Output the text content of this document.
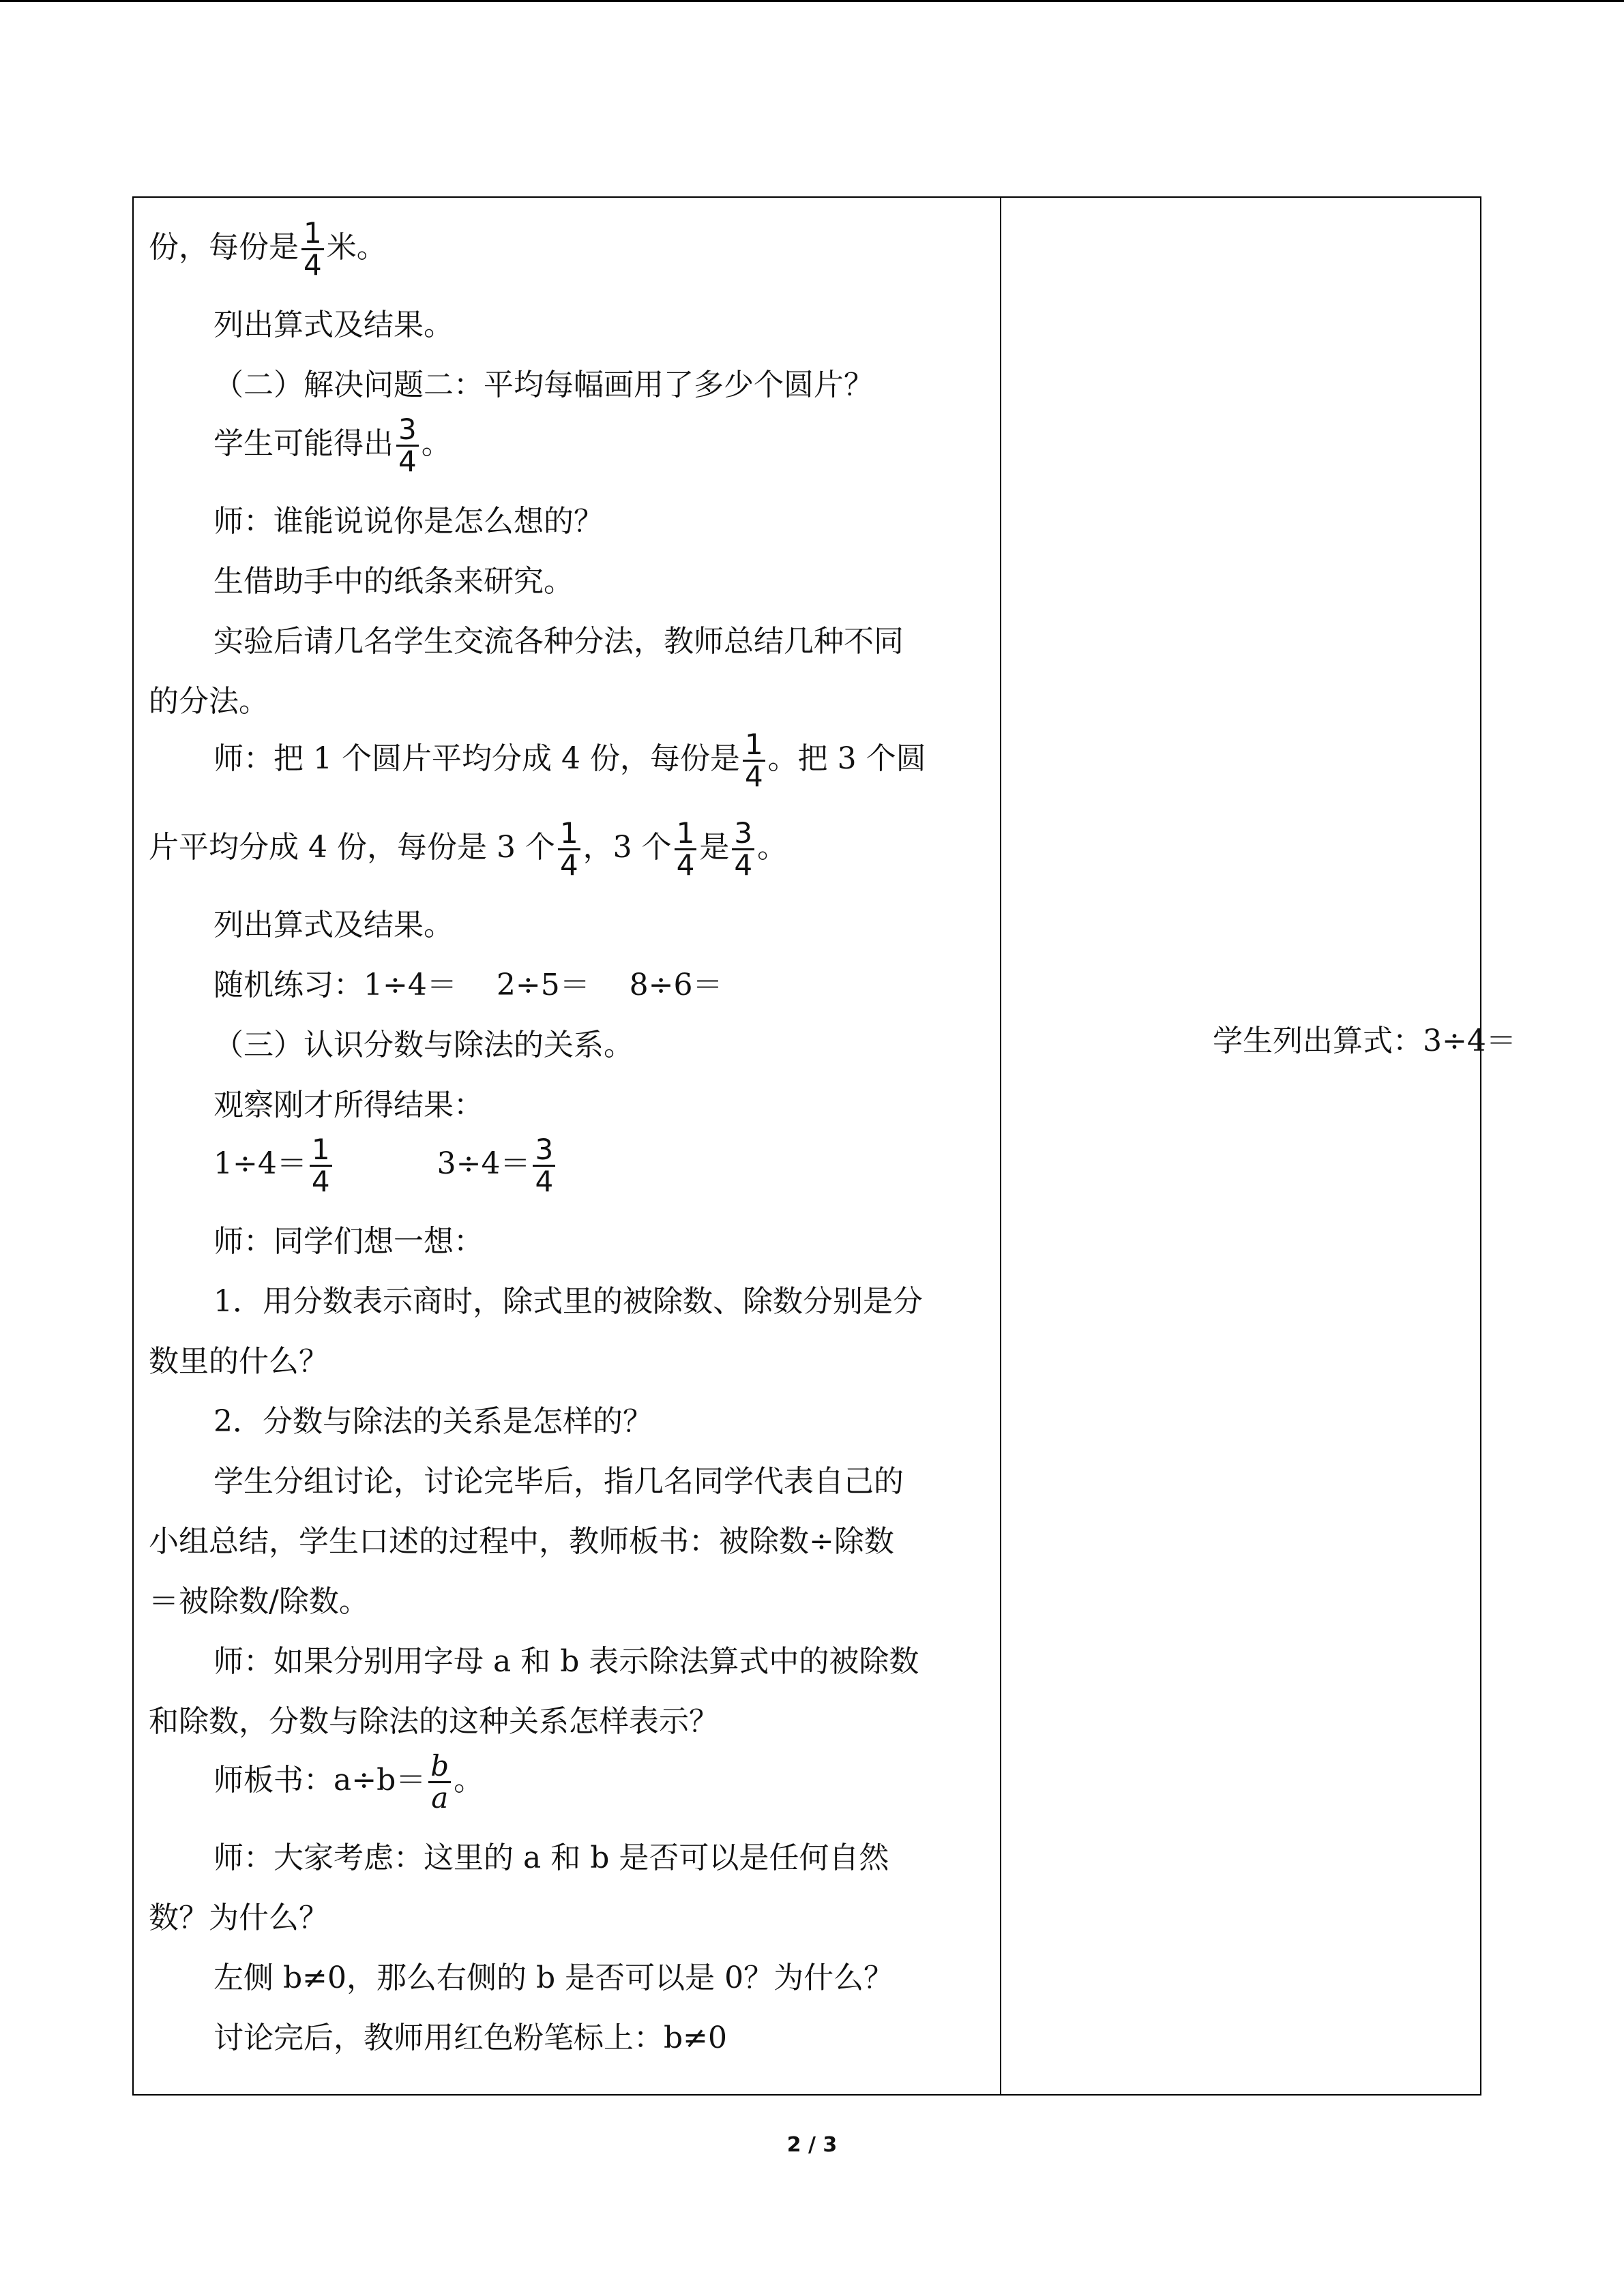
份，每份是 $\frac{1}{4}$ 米。
列出算式及结果。
（二）解决问题二：平均每幅画用了多少个圆片？
学生可能得出 $\frac{3}{4}$ 。
师：谁能说说你是怎么想的？
生借助手中的纸条来研究。
实验后请几名学生交流各种分法，教师总结几种不同
的分法。
师：把 1 个圆片平均分成 4 份，每份是 $\frac{1}{4}$ 。把 3 个圆
片平均分成 4 份，每份是 3 个 $\frac{1}{4}$ ，3 个 $\frac{1}{4}$ 是 $\frac{3}{4}$ 。
列出算式及结果。
随机练习：1÷4＝　 2÷5＝　 8÷6＝
（三）认识分数与除法的关系。
观察刚才所得结果：
$1\div 4= \frac{1}{4}$	$3\div 4= \frac{3}{4}$
师：同学们想一想：
1．用分数表示商时，除式里的被除数、除数分别是分
数里的什么？
2．分数与除法的关系是怎样的？
学生分组讨论，讨论完毕后，指几名同学代表自己的
小组总结，学生口述的过程中，教师板书：被除数÷除数
＝被除数/除数。
师：如果分别用字母 a 和 b 表示除法算式中的被除数
和除数，分数与除法的这种关系怎样表示？
师板书：$a\div b= \frac{b}{a}$ 。
师：大家考虑：这里的 a 和 b 是否可以是任何自然
数？为什么？
左侧 b≠0，那么右侧的 b 是否可以是 0？为什么？
讨论完后，教师用红色粉笔标上：b≠0
学生列出算式：3÷4＝
2 / 3
